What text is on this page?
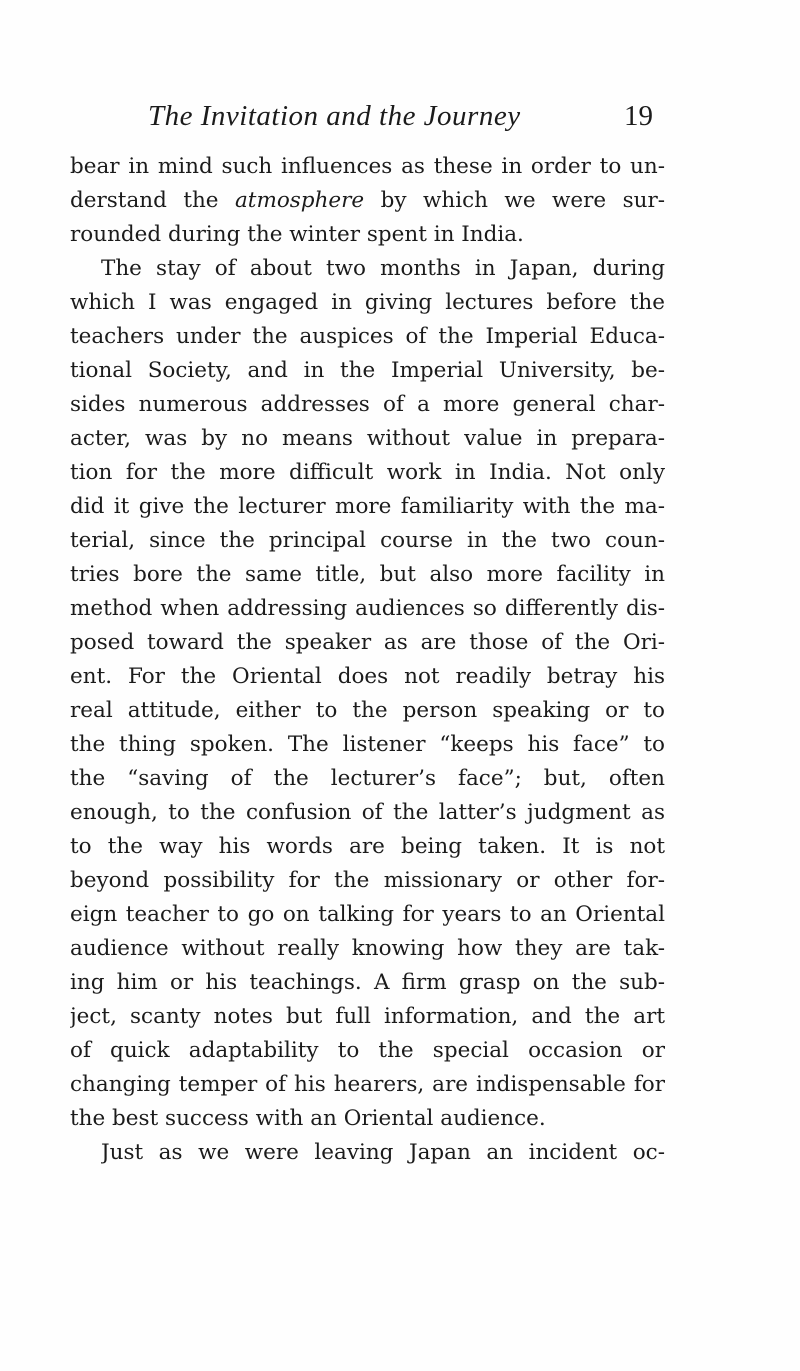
The Invitation and the Journey	19
bear in mind such influences as these in order to un-
derstand the atmosphere by which we were sur-
rounded during the winter spent in India.
The stay of about two months in Japan, during
which I was engaged in giving lectures before the
teachers under the auspices of the Imperial Educa-
tional Society, and in the Imperial University, be-
sides numerous addresses of a more general char-
acter, was by no means without value in prepara-
tion for the more difficult work in India. Not only
did it give the lecturer more familiarity with the ma-
terial, since the principal course in the two coun-
tries bore the same title, but also more facility in
method when addressing audiences so differently dis-
posed toward the speaker as are those of the Ori-
ent. For the Oriental does not readily betray his
real attitude, either to the person speaking or to
the thing spoken. The listener “keeps his face” to
the “saving of the lecturer’s face”; but, often
enough, to the confusion of the latter’s judgment as
to the way his words are being taken. It is not
beyond possibility for the missionary or other for-
eign teacher to go on talking for years to an Oriental
audience without really knowing how they are tak-
ing him or his teachings. A firm grasp on the sub-
ject, scanty notes but full information, and the art
of quick adaptability to the special occasion or
changing temper of his hearers, are indispensable for
the best success with an Oriental audience.
Just as we were leaving Japan an incident oc-
